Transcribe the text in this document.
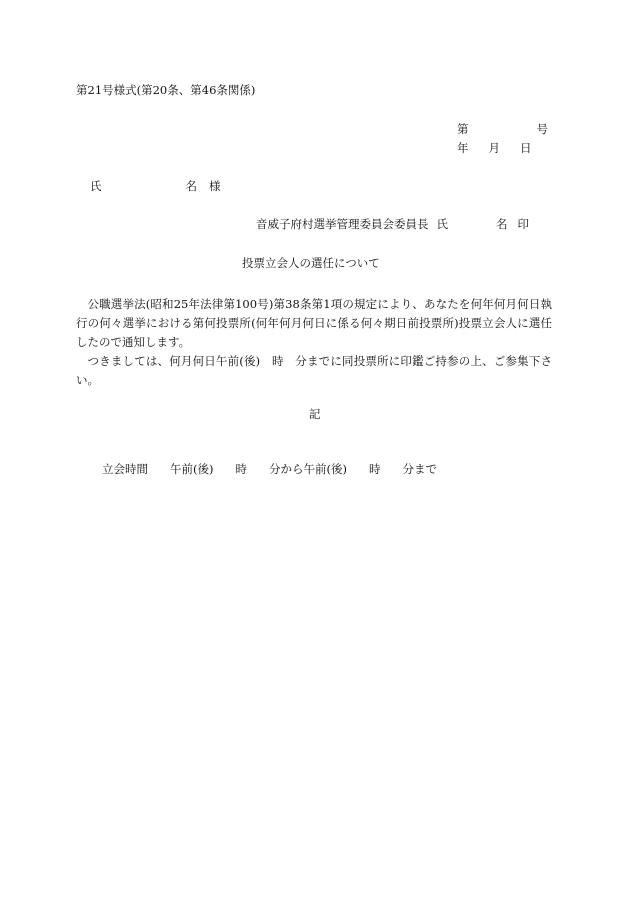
第21号様式(第20条、第46条関係)
第	号
年 月 日
氏	名 様
音威子府村選挙管理委員会委員長 氏	名 印
投票立会人の選任について

公職選挙法(昭和25年法律第100号)第38条第1項の規定により、あなたを何年何月何日執行の何々選挙における第何投票所(何年何月何日に係る何々期日前投票所)投票立会人に選任したので通知します。

つきましては、何月何日午前(後)　時　分までに同投票所に印鑑ご持参の上、ご参集下さい。

記
立会時間 午前(後) 時 分から午前(後) 時 分まで
